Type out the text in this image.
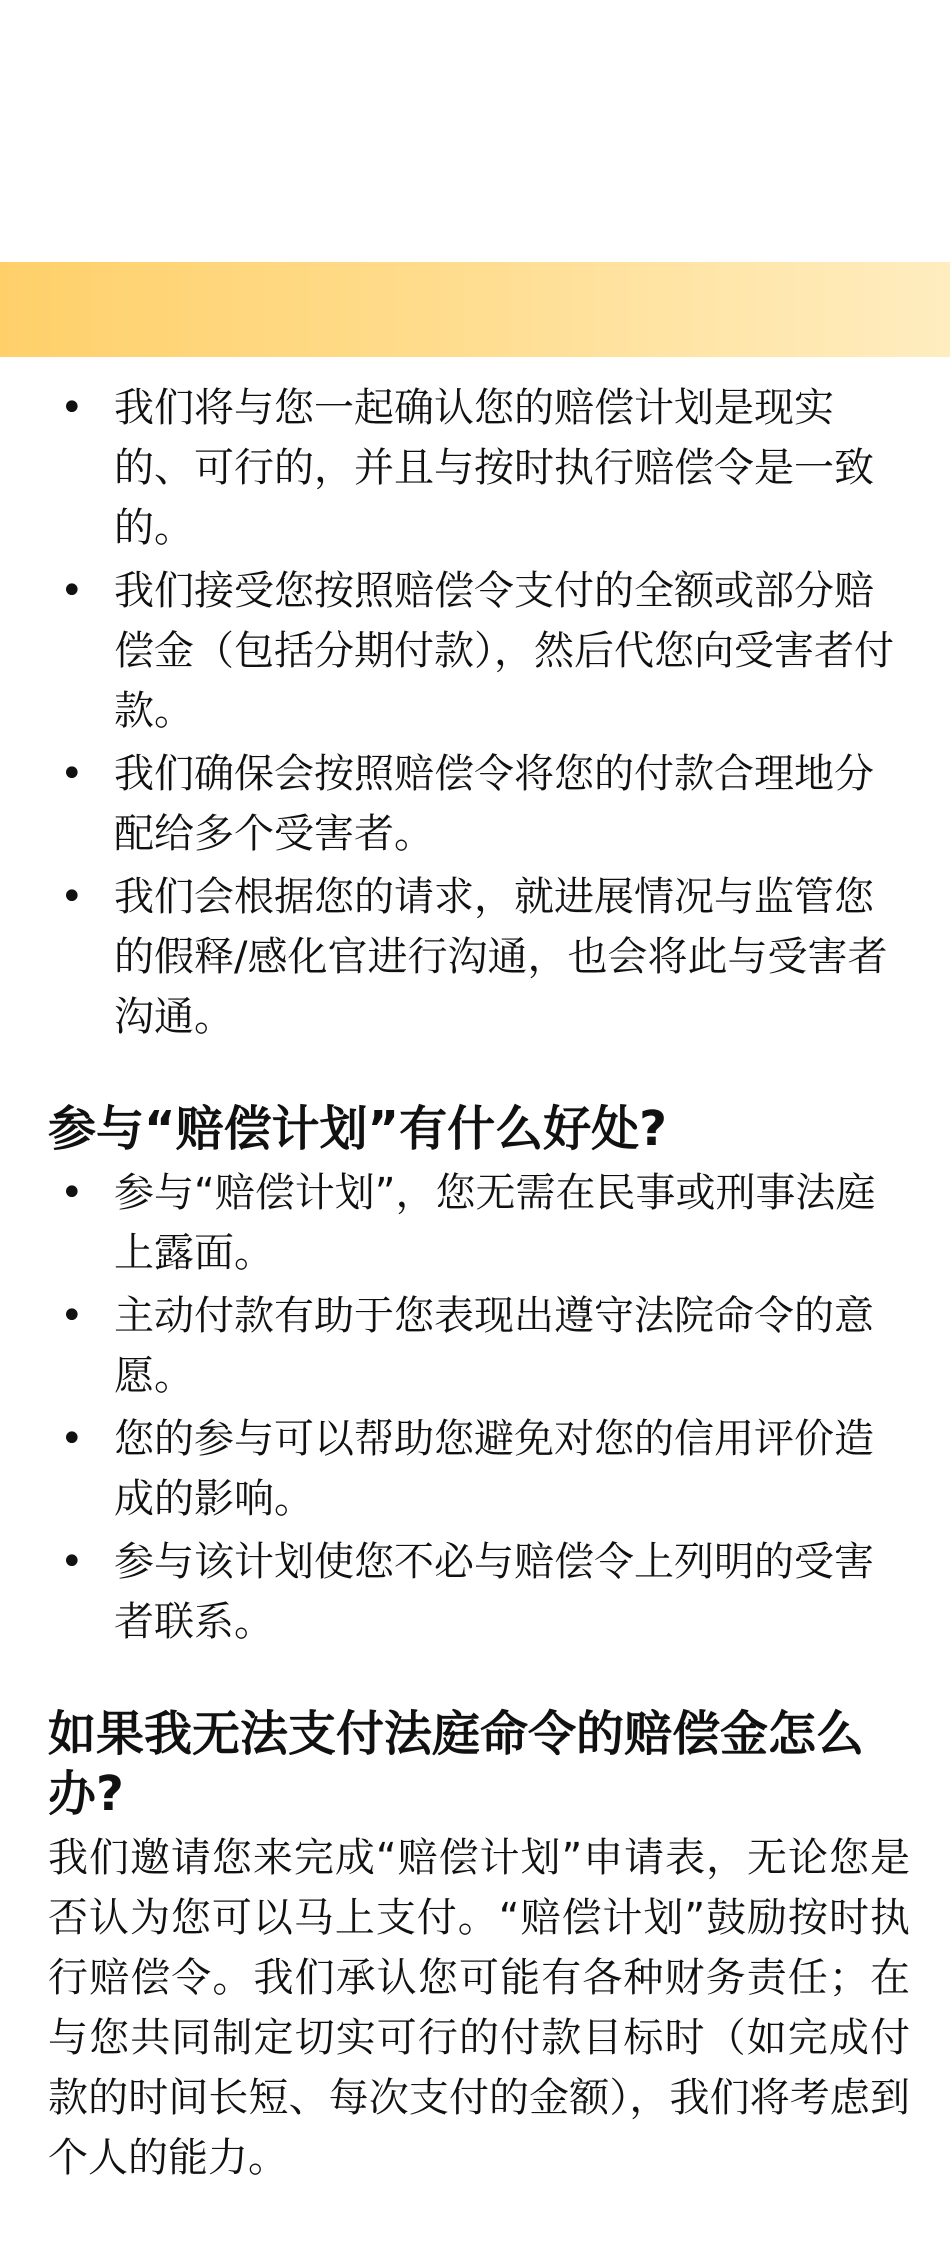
• 我们将与您一起确认您的赔偿计划是现实的、可行的，并且与按时执行赔偿令是一致的。
• 我们接受您按照赔偿令支付的全额或部分赔偿金（包括分期付款），然后代您向受害者付款。
• 我们确保会按照赔偿令将您的付款合理地分配给多个受害者。
• 我们会根据您的请求，就进展情况与监管您的假释/感化官进行沟通，也会将此与受害者沟通。
参与“赔偿计划”有什么好处?
• 参与“赔偿计划”，您无需在民事或刑事法庭上露面。
• 主动付款有助于您表现出遵守法院命令的意愿。
• 您的参与可以帮助您避免对您的信用评价造成的影响。
• 参与该计划使您不必与赔偿令上列明的受害者联系。
如果我无法支付法庭命令的赔偿金怎么办?

我们邀请您来完成“赔偿计划”申请表，无论您是否认为您可以马上支付。“赔偿计划”鼓励按时执行赔偿令。我们承认您可能有各种财务责任；在与您共同制定切实可行的付款目标时（如完成付款的时间长短、每次支付的金额），我们将考虑到个人的能力。
